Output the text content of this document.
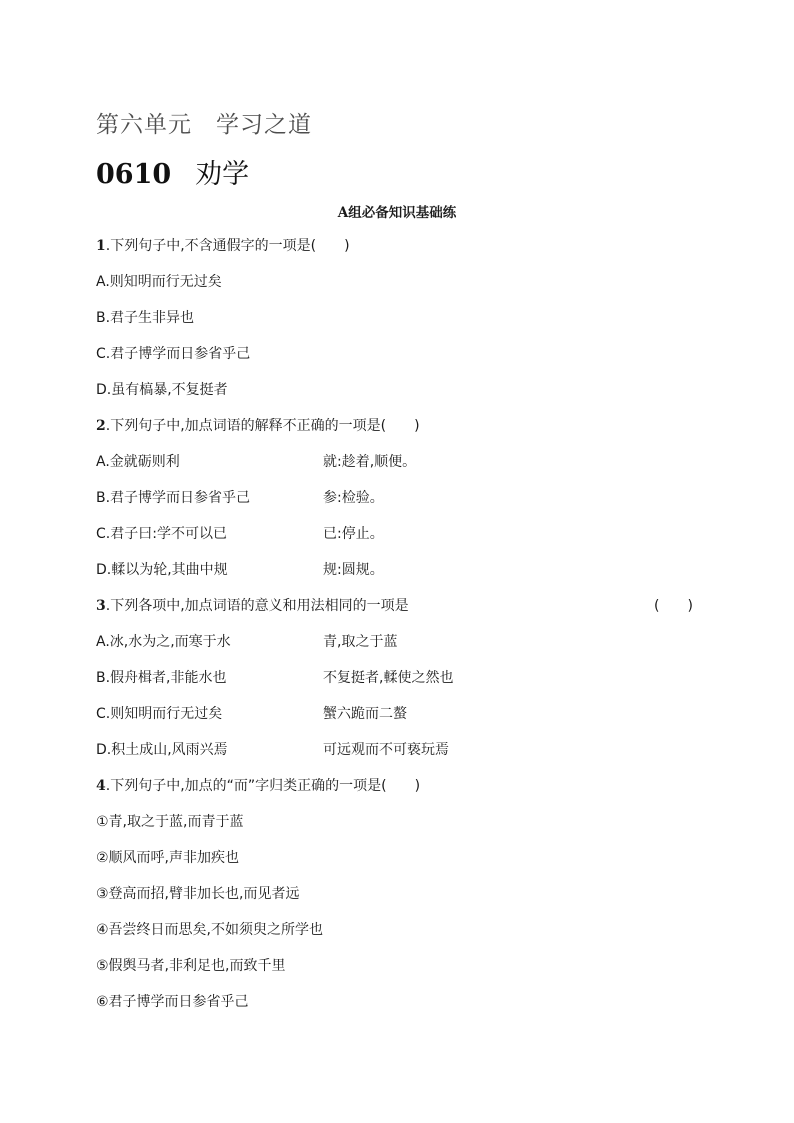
第六单元　学习之道
0610 劝学
A组必备知识基础练
1.下列句子中,不含通假字的一项是( )
A.则知明而行无过矣
B.君子生非异也
C.君子博学而日参省乎己
D.虽有槁暴,不复挺者
2.下列句子中,加点词语的解释不正确的一项是( )
A.金就砺则利	就:趁着,顺便。
B.君子博学而日参省乎己	参:检验。
C.君子曰:学不可以已	已:停止。
D.輮以为轮,其曲中规	规:圆规。
3.下列各项中,加点词语的意义和用法相同的一项是	(　　)
A.冰,水为之,而寒于水	青,取之于蓝
B.假舟楫者,非能水也	不复挺者,輮使之然也
C.则知明而行无过矣	蟹六跪而二螯
D.积土成山,风雨兴焉	可远观而不可亵玩焉
4.下列句子中,加点的“而”字归类正确的一项是( )
①青,取之于蓝,而青于蓝
②顺风而呼,声非加疾也
③登高而招,臂非加长也,而见者远
④吾尝终日而思矣,不如须臾之所学也
⑤假舆马者,非利足也,而致千里
⑥君子博学而日参省乎己
